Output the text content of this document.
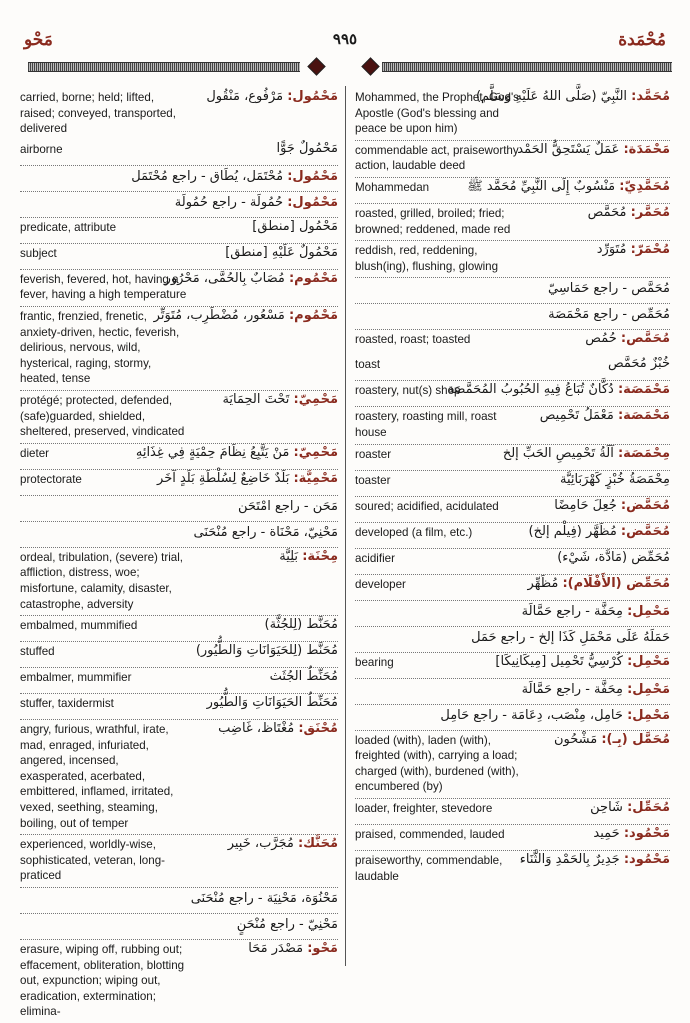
مَحْو	٩٩٥	مُحْمَدة
مَحْمُول: مَرْفُوع، مَنْقُول
carried, borne; held; lifted, raised; conveyed, transported, delivered
مَحْمُولٌ جَوًّا
airborne
مَحْمُول: مُحْتَمَل، يُطَاق - راجع مُحْتَمَل
مَحْمُول: حُمُولَة - راجع حُمُولَة
مَحْمُول [منطق]
predicate, attribute
مَحْمُولٌ عَلَيْهِ [منطق]
subject
مَحْمُوم: مُصَابٌ بِالحُمَّى، مَحْرُور
feverish, fevered, hot, having a fever, having a high temperature
مَحْمُوم: مَسْعُور، مُضْطَرِب، مُتَوَتِّر
frantic, frenzied, frenetic, anxiety-driven, hectic, feverish, delirious, nervous, wild, hysterical, raging, stormy, heated, tense
مَحْمِيّ: تَحْتَ الحِمَايَة
protégé; protected, defended, (safe)guarded, shielded, sheltered, preserved, vindicated
مَحْمِيّ: مَنْ يَتَّبِعُ نِظَامَ حِمْيَةٍ فِي غِذَائِهِ
dieter
مَحْمِيَّة: بَلَدٌ خَاضِعٌ لِسُلْطَةِ بَلَدٍ آخَر
protectorate
مَحَن - راجع امْتَحَن
مَحْنِيّ، مَحْنَاة - راجع مُنْحَنَى
مِحْنَة: بَلِيَّة
ordeal, tribulation, (severe) trial, affliction, distress, woe; misfortune, calamity, disaster, catastrophe, adversity
مُحَنَّط (لِلجُثَّة)
embalmed, mummified
مُحَنَّط (لِلحَيَوَانَاتِ وَالطُّيُور)
stuffed
مُحَنِّطُ الجُثَث
embalmer, mummifier
مُحَنِّطُ الحَيَوَانَاتِ وَالطُّيُور
stuffer, taxidermist
مُحْنَق: مُغْتَاظ، غَاضِب
angry, furious, wrathful, irate, mad, enraged, infuriated, angered, incensed, exasperated, acerbated, embittered, inflamed, irritated, vexed, seething, steaming, boiling, out of temper
مُحَنَّك: مُجَرَّب، خَبِير
experienced, worldly-wise, sophisticated, veteran, long-praticed
مَحْنُوَة، مَحْنِيَة - راجع مُنْحَنَى
مَحْنِيّ - راجع مُنْحَنٍ
مَحْو: مَصْدَر مَحَا
erasure, wiping off, rubbing out; effacement, obliteration, blotting out, expunction; wiping out, eradication, extermination; elimina-
مُحَمَّد: النَّبِيّ (صَلَّى اللهُ عَلَيْهِ وَسَلَّم)
Mohammed, the Prophet, God's Apostle (God's blessing and peace be upon him)
مَحْمَدَة: عَمَلٌ يَسْتَحِقُّ الحَمْد
commendable act, praiseworthy action, laudable deed
مُحَمَّدِيّ: مَنْسُوبٌ إِلَى النَّبِيِّ مُحَمَّد ﷺ
Mohammedan
مُحَمَّر: مُحَمَّص
roasted, grilled, broiled; fried; browned; reddened, made red
مُحْمَرّ: مُتَوَرِّد
reddish, red, reddening, blush(ing), flushing, glowing
مُحَمَّص - راجع حَمَاسِيّ
مُحَمِّص - راجع مَحْمَصَة
مُحَمَّص: حُمُص
roasted, roast; toasted
خُبْزٌ مُحَمَّص
toast
مَحْمَصَة: دُكَّانٌ تُبَاعُ فِيهِ الحُبُوبُ المُحَمَّصَة
roastery, nut(s) shop
مَحْمَصَة: مَعْمَلُ تَحْمِيص
roastery, roasting mill, roast house
مِحْمَصَة: آلَةُ تَحْمِيصِ الحَبِّ إلخ
roaster
مِحْمَصَةُ خُبْزٍ كَهْرَبَائِيَّة
toaster
مُحَمَّض: جُعِلَ حَامِضًا
soured; acidified, acidulated
مُحَمَّض: مُظَهَّر (فِيلْم إلخ)
developed (a film, etc.)
مُحَمِّض (مَادَّة، شَيْء)
acidifier
مُحَمِّض (الأَفْلَام): مُظَهِّر
developer
مَحْمِل: مِحَفَّة - راجع حَمَّالَة
حَمَلَهُ عَلَى مَحْمَلِ كَذَا إلخ - راجع حَمَل
مَحْمِل: كُرْسِيُّ تَحْمِيل [مِيكَانِيكَا]
bearing
مَحْمِل: مِحَفَّة - راجع حَمَّالَة
مَحْمِل: حَامِل، مِنْصَب، دِعَامَة - راجع حَامِل
مُحَمَّل (بِـ): مَشْحُون
loaded (with), laden (with), freighted (with), carrying a load; charged (with), burdened (with), encumbered (by)
مُحَمِّل: شَاحِن
loader, freighter, stevedore
مَحْمُود: حَمِيد
praised, commended, lauded
مَحْمُود: جَدِيرٌ بِالحَمْدِ وَالثَّنَاء
praiseworthy, commendable, laudable
